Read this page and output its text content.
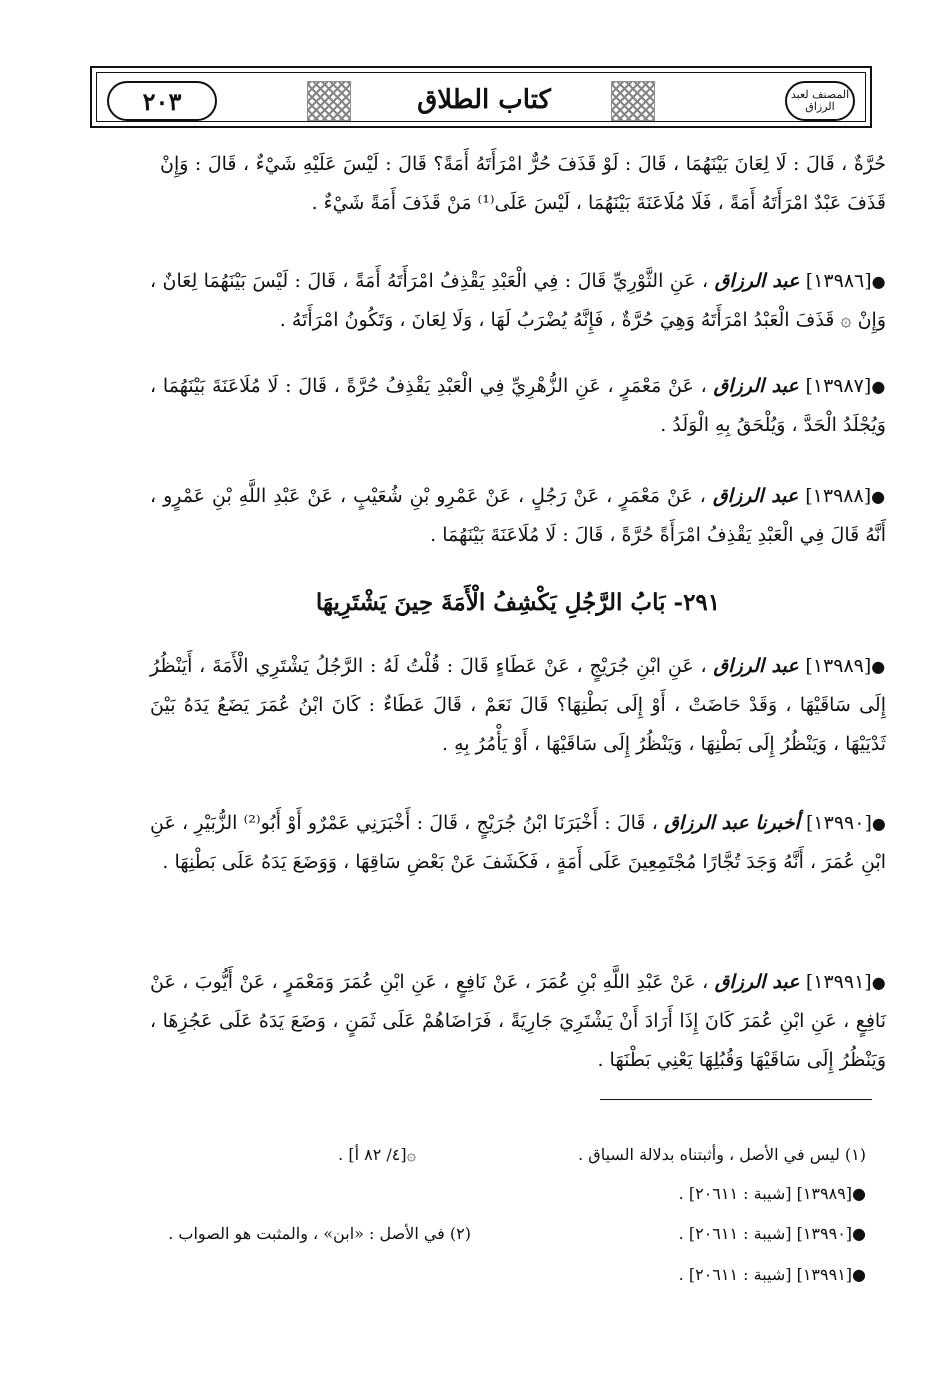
٢٠٣	كتاب الطلاق	المصنف لعبد الرزاق
حُرَّةٌ ، قَالَ : لَا لِعَانَ بَيْنَهُمَا ، قَالَ : لَوْ قَذَفَ حُرٌّ امْرَأَتَهُ أَمَةً؟ قَالَ : لَيْسَ عَلَيْهِ شَيْءٌ ، قَالَ : وَإِنْ قَذَفَ عَبْدٌ امْرَأَتَهُ أَمَةً ، فَلَا مُلَاعَنَةَ بَيْنَهُمَا ، لَيْسَ عَلَى⁽¹⁾ مَنْ قَذَفَ أَمَةً شَيْءٌ .
●[١٣٩٨٦] عبد الرزاق ، عَنِ الثَّوْرِيِّ قَالَ : فِي الْعَبْدِ يَقْذِفُ امْرَأَتَهُ أَمَةً ، قَالَ : لَيْسَ بَيْنَهُمَا لِعَانٌ ، وَإِنْ ۞ قَذَفَ الْعَبْدُ امْرَأَتَهُ وَهِيَ حُرَّةٌ ، فَإِنَّهُ يُضْرَبُ لَهَا ، وَلَا لِعَانَ ، وَتَكُونُ امْرَأَتَهُ .
●[١٣٩٨٧] عبد الرزاق ، عَنْ مَعْمَرٍ ، عَنِ الزُّهْرِيِّ فِي الْعَبْدِ يَقْذِفُ حُرَّةً ، قَالَ : لَا مُلَاعَنَةَ بَيْنَهُمَا ، وَيُجْلَدُ الْحَدَّ ، وَيُلْحَقُ بِهِ الْوَلَدُ .
●[١٣٩٨٨] عبد الرزاق ، عَنْ مَعْمَرٍ ، عَنْ رَجُلٍ ، عَنْ عَمْرِو بْنِ شُعَيْبٍ ، عَنْ عَبْدِ اللَّهِ بْنِ عَمْرٍو ، أَنَّهُ قَالَ فِي الْعَبْدِ يَقْذِفُ امْرَأَةً حُرَّةً ، قَالَ : لَا مُلَاعَنَةَ بَيْنَهُمَا .
٢٩١- بَابُ الرَّجُلِ يَكْشِفُ الْأَمَةَ حِينَ يَشْتَرِيهَا
●[١٣٩٨٩] عبد الرزاق ، عَنِ ابْنِ جُرَيْجٍ ، عَنْ عَطَاءٍ قَالَ : قُلْتُ لَهُ : الرَّجُلُ يَشْتَرِي الْأَمَةَ ، أَيَنْظُرُ إِلَى سَاقَيْهَا ، وَقَدْ حَاضَتْ ، أَوْ إِلَى بَطْنِهَا؟ قَالَ نَعَمْ ، قَالَ عَطَاءٌ : كَانَ ابْنُ عُمَرَ يَضَعُ يَدَهُ بَيْنَ ثَدْيَيْهَا ، وَيَنْظُرُ إِلَى بَطْنِهَا ، وَيَنْظُرُ إِلَى سَاقَيْهَا ، أَوْ يَأْمُرُ بِهِ .
●[١٣٩٩٠] أخبرنا عبد الرزاق ، قَالَ : أَخْبَرَنَا ابْنُ جُرَيْجٍ ، قَالَ : أَخْبَرَنِي عَمْرٌو أَوْ أَبُو⁽²⁾ الزُّبَيْرِ ، عَنِ ابْنِ عُمَرَ ، أَنَّهُ وَجَدَ تُجَّارًا مُجْتَمِعِينَ عَلَى أَمَةٍ ، فَكَشَفَ عَنْ بَعْضِ سَاقِهَا ، وَوَضَعَ يَدَهُ عَلَى بَطْنِهَا .
●[١٣٩٩١] عبد الرزاق ، عَنْ عَبْدِ اللَّهِ بْنِ عُمَرَ ، عَنْ نَافِعٍ ، عَنِ ابْنِ عُمَرَ وَمَعْمَرٍ ، عَنْ أَيُّوبَ ، عَنْ نَافِعٍ ، عَنِ ابْنِ عُمَرَ كَانَ إِذَا أَرَادَ أَنْ يَشْتَرِيَ جَارِيَةً ، فَرَاضَاهُمْ عَلَى ثَمَنٍ ، وَضَعَ يَدَهُ عَلَى عَجُزِهَا ، وَيَنْظُرُ إِلَى سَاقَيْهَا وَقُبُلِهَا يَعْنِي بَطْنَهَا .
(١) ليس في الأصل ، وأثبتناه بدلالة السياق .
۞[٤/ ٨٢ أ] .
●[١٣٩٨٩] [شيبة : ٢٠٦١١] .
●[١٣٩٩٠] [شيبة : ٢٠٦١١] .
(٢) في الأصل : «ابن» ، والمثبت هو الصواب .
●[١٣٩٩١] [شيبة : ٢٠٦١١] .
